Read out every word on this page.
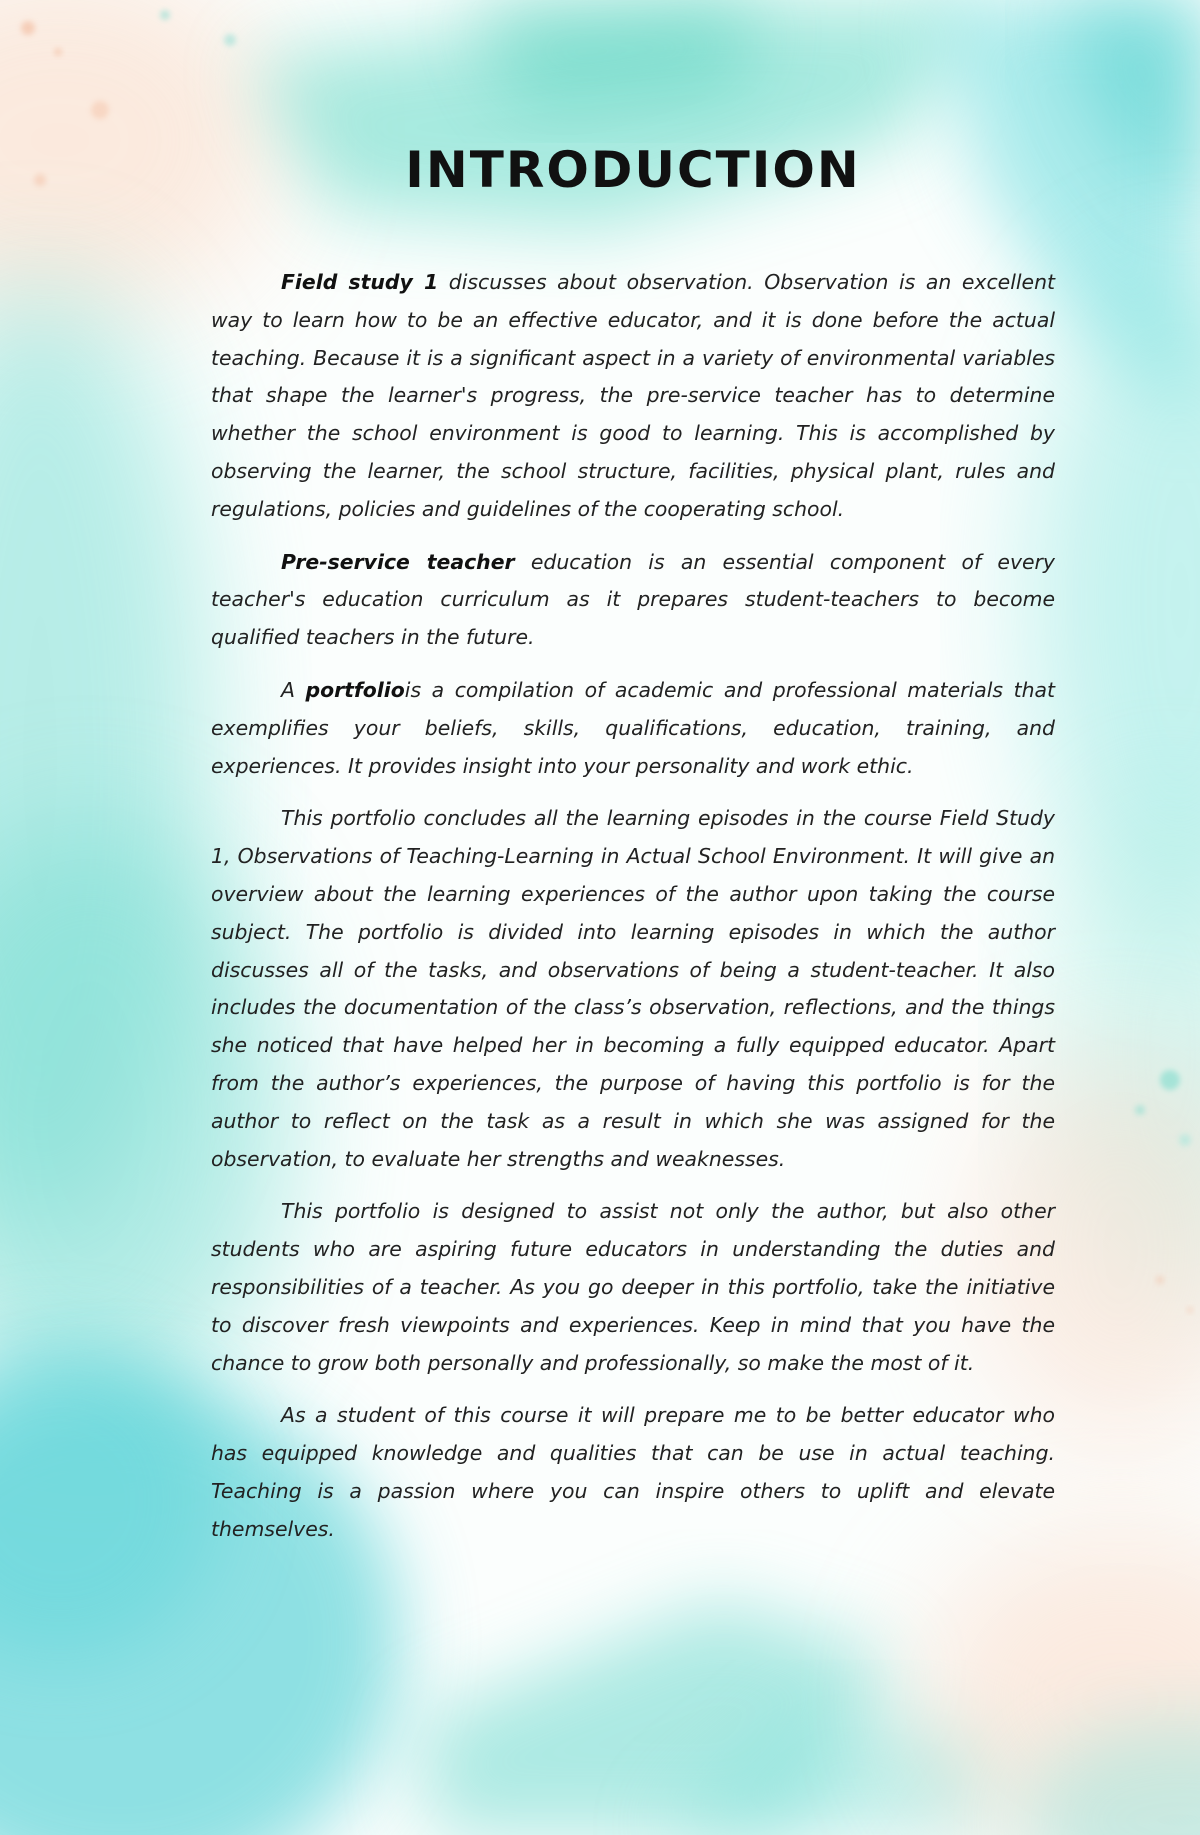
INTRODUCTION

Field study 1 discusses about observation. Observation is an excellent way to learn how to be an effective educator, and it is done before the actual teaching. Because it is a significant aspect in a variety of environmental variables that shape the learner's progress, the pre-service teacher has to determine whether the school environment is good to learning. This is accomplished by observing the learner, the school structure, facilities, physical plant, rules and regulations, policies and guidelines of the cooperating school.

Pre-service teacher education is an essential component of every teacher's education curriculum as it prepares student-teachers to become qualified teachers in the future.

A portfoliois a compilation of academic and professional materials that exemplifies your beliefs, skills, qualifications, education, training, and experiences. It provides insight into your personality and work ethic.

This portfolio concludes all the learning episodes in the course Field Study 1, Observations of Teaching-Learning in Actual School Environment. It will give an overview about the learning experiences of the author upon taking the course subject. The portfolio is divided into learning episodes in which the author discusses all of the tasks, and observations of being a student-teacher. It also includes the documentation of the class’s observation, reflections, and the things she noticed that have helped her in becoming a fully equipped educator. Apart from the author’s experiences, the purpose of having this portfolio is for the author to reflect on the task as a result in which she was assigned for the observation, to evaluate her strengths and weaknesses.

This portfolio is designed to assist not only the author, but also other students who are aspiring future educators in understanding the duties and responsibilities of a teacher. As you go deeper in this portfolio, take the initiative to discover fresh viewpoints and experiences. Keep in mind that you have the chance to grow both personally and professionally, so make the most of it.

As a student of this course it will prepare me to be better educator who has equipped knowledge and qualities that can be use in actual teaching. Teaching is a passion where you can inspire others to uplift and elevate themselves.
